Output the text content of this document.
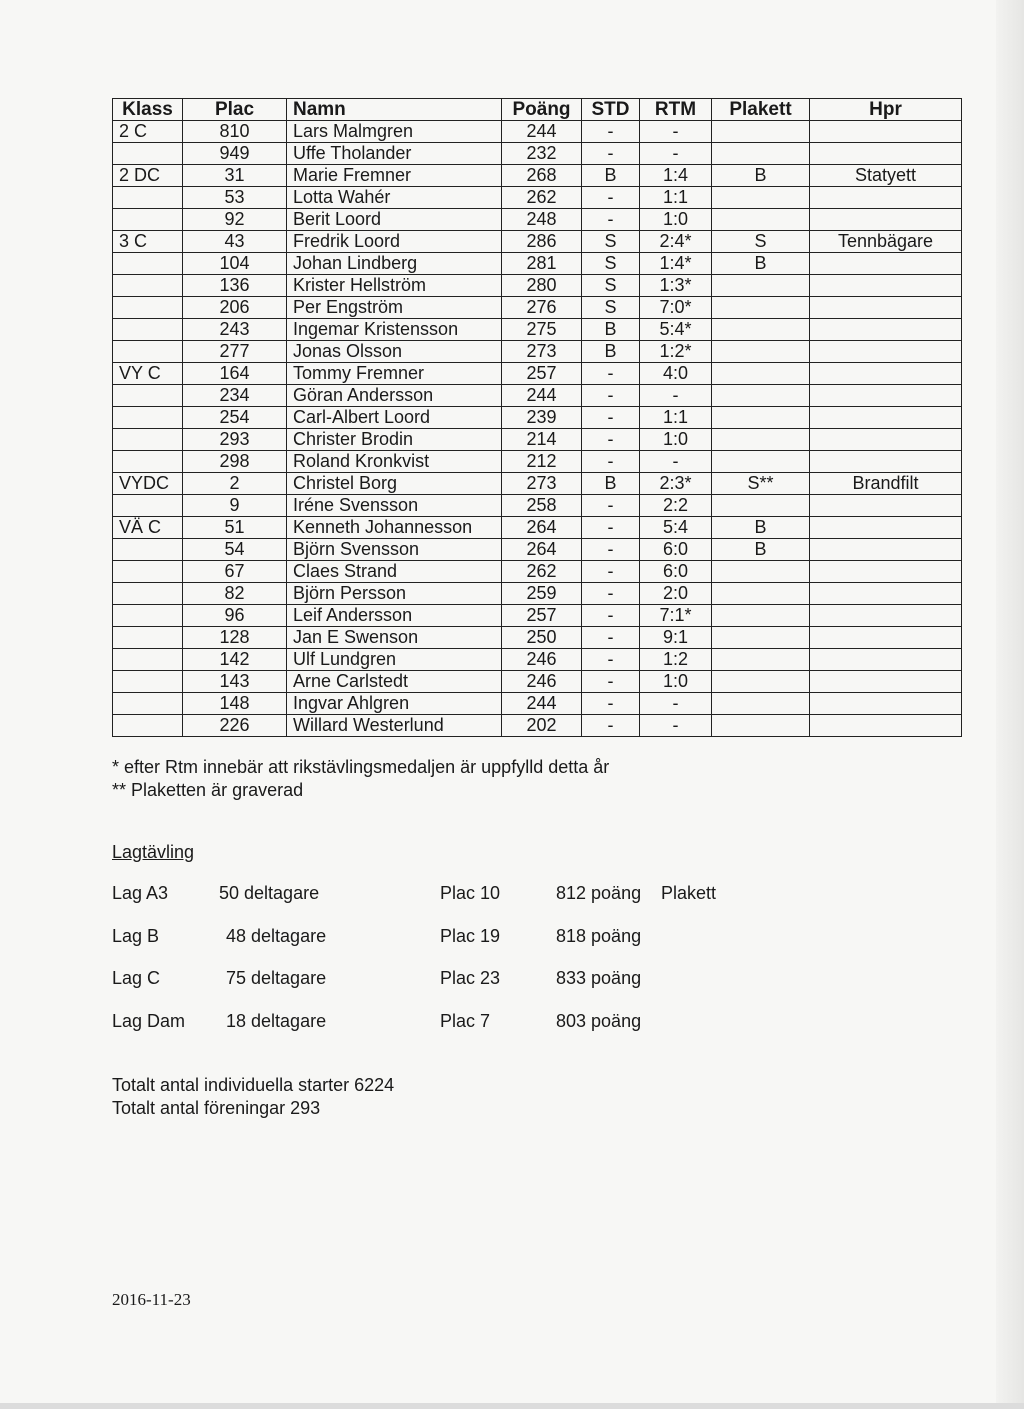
Klass	Plac	Namn	Poäng	STD	RTM	Plakett	Hpr
2 C	810	Lars Malmgren	244	-	-		
	949	Uffe Tholander	232	-	-		
2 DC	31	Marie Fremner	268	B	1:4	B	Statyett
	53	Lotta Wahér	262	-	1:1		
	92	Berit Loord	248	-	1:0		
3 C	43	Fredrik Loord	286	S	2:4*	S	Tennbägare
	104	Johan Lindberg	281	S	1:4*	B	
	136	Krister Hellström	280	S	1:3*		
	206	Per Engström	276	S	7:0*		
	243	Ingemar Kristensson	275	B	5:4*		
	277	Jonas Olsson	273	B	1:2*		
VY C	164	Tommy Fremner	257	-	4:0		
	234	Göran Andersson	244	-	-		
	254	Carl-Albert Loord	239	-	1:1		
	293	Christer Brodin	214	-	1:0		
	298	Roland Kronkvist	212	-	-		
VYDC	2	Christel Borg	273	B	2:3*	S**	Brandfilt
	9	Iréne Svensson	258	-	2:2		
VÄ C	51	Kenneth Johannesson	264	-	5:4	B	
	54	Björn Svensson	264	-	6:0	B	
	67	Claes Strand	262	-	6:0		
	82	Björn Persson	259	-	2:0		
	96	Leif Andersson	257	-	7:1*		
	128	Jan E Swenson	250	-	9:1		
	142	Ulf Lundgren	246	-	1:2		
	143	Arne Carlstedt	246	-	1:0		
	148	Ingvar Ahlgren	244	-	-		
	226	Willard Westerlund	202	-	-		
* efter Rtm innebär att rikstävlingsmedaljen är uppfylld detta år
** Plaketten är graverad
Lagtävling
Lag A3	50 deltagare	Plac 10	812 poäng Plakett
Lag B	48 deltagare	Plac 19	818 poäng
Lag C	75 deltagare	Plac 23	833 poäng
Lag Dam 18 deltagare	Plac 7	803 poäng
Totalt antal individuella starter 6224
Totalt antal föreningar 293
2016-11-23
